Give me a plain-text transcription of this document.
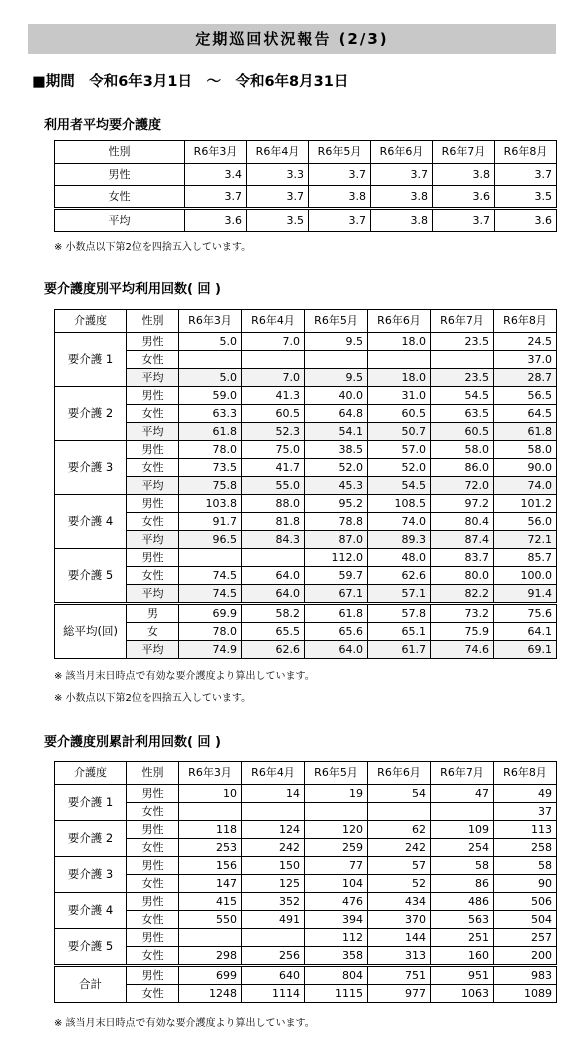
定期巡回状況報告 (2/3)
■期間　令和6年3月1日　～　令和6年8月31日
利用者平均要介護度
性別	R6年3月	R6年4月	R6年5月	R6年6月	R6年7月	R6年8月
男性	3.4	3.3	3.7	3.7	3.8	3.7
女性	3.7	3.7	3.8	3.8	3.6	3.5
平均	3.6	3.5	3.7	3.8	3.7	3.6
※ 小数点以下第2位を四捨五入しています。
要介護度別平均利用回数( 回 )
介護度	性別	R6年3月	R6年4月	R6年5月	R6年6月	R6年7月	R6年8月
要介護 1	男性	5.0	7.0	9.5	18.0	23.5	24.5
	女性						37.0
	平均	5.0	7.0	9.5	18.0	23.5	28.7
要介護 2	男性	59.0	41.3	40.0	31.0	54.5	56.5
	女性	63.3	60.5	64.8	60.5	63.5	64.5
	平均	61.8	52.3	54.1	50.7	60.5	61.8
要介護 3	男性	78.0	75.0	38.5	57.0	58.0	58.0
	女性	73.5	41.7	52.0	52.0	86.0	90.0
	平均	75.8	55.0	45.3	54.5	72.0	74.0
要介護 4	男性	103.8	88.0	95.2	108.5	97.2	101.2
	女性	91.7	81.8	78.8	74.0	80.4	56.0
	平均	96.5	84.3	87.0	89.3	87.4	72.1
要介護 5	男性			112.0	48.0	83.7	85.7
	女性	74.5	64.0	59.7	62.6	80.0	100.0
	平均	74.5	64.0	67.1	57.1	82.2	91.4
総平均(回)	男	69.9	58.2	61.8	57.8	73.2	75.6
	女	78.0	65.5	65.6	65.1	75.9	64.1
	平均	74.9	62.6	64.0	61.7	74.6	69.1
※ 該当月末日時点で有効な要介護度より算出しています。
※ 小数点以下第2位を四捨五入しています。
要介護度別累計利用回数( 回 )
介護度	性別	R6年3月	R6年4月	R6年5月	R6年6月	R6年7月	R6年8月
要介護 1	男性	10	14	19	54	47	49
	女性						37
要介護 2	男性	118	124	120	62	109	113
	女性	253	242	259	242	254	258
要介護 3	男性	156	150	77	57	58	58
	女性	147	125	104	52	86	90
要介護 4	男性	415	352	476	434	486	506
	女性	550	491	394	370	563	504
要介護 5	男性			112	144	251	257
	女性	298	256	358	313	160	200
合計	男性	699	640	804	751	951	983
	女性	1248	1114	1115	977	1063	1089
※ 該当月末日時点で有効な要介護度より算出しています。
